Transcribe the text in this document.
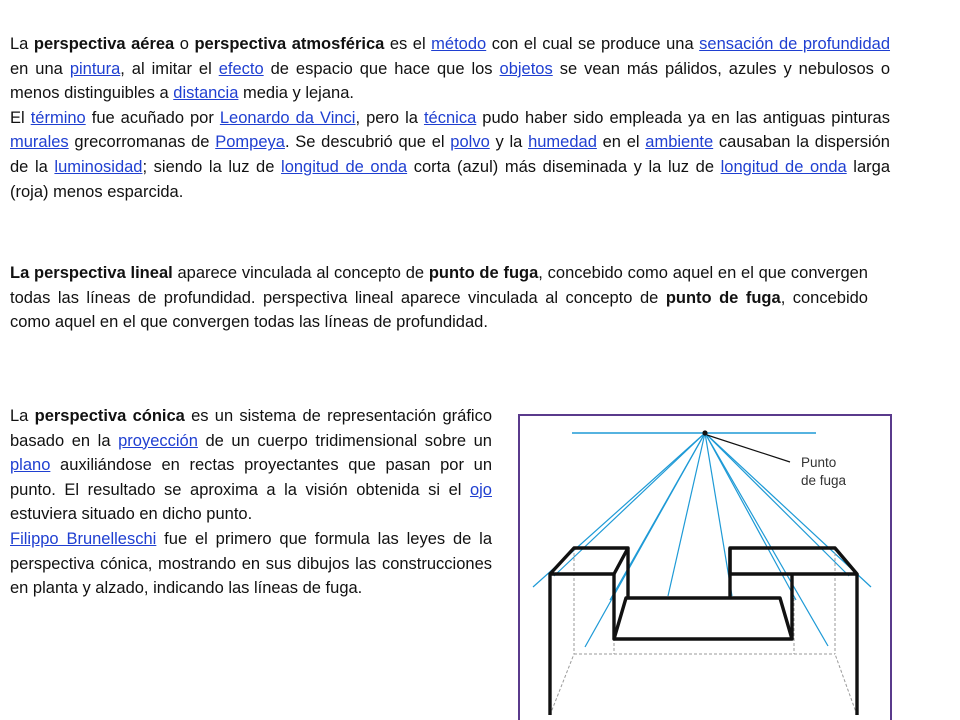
La perspectiva aérea o perspectiva atmosférica es el método con el cual se produce una sensación de profundidad en una pintura, al imitar el efecto de espacio que hace que los objetos se vean más pálidos, azules y nebulosos o menos distinguibles a distancia media y lejana.

El término fue acuñado por Leonardo da Vinci, pero la técnica pudo haber sido empleada ya en las antiguas pinturas murales grecorromanas de Pompeya. Se descubrió que el polvo y la humedad en el ambiente causaban la dispersión de la luminosidad; siendo la luz de longitud de onda corta (azul) más diseminada y la luz de longitud de onda larga (roja) menos esparcida.

La perspectiva lineal aparece vinculada al concepto de punto de fuga, concebido como aquel en el que convergen todas las líneas de profundidad. perspectiva lineal aparece vinculada al concepto de punto de fuga, concebido como aquel en el que convergen todas las líneas de profundidad.

La perspectiva cónica es un sistema de representación gráfico basado en la proyección de un cuerpo tridimensional sobre un plano auxiliándose en rectas proyectantes que pasan por un punto. El resultado se aproxima a la visión obtenida si el ojo estuviera situado en dicho punto.

Filippo Brunelleschi fue el primero que formula las leyes de la perspectiva cónica, mostrando en sus dibujos las construcciones en planta y alzado, indicando las líneas de fuga.

Punto
de fuga
